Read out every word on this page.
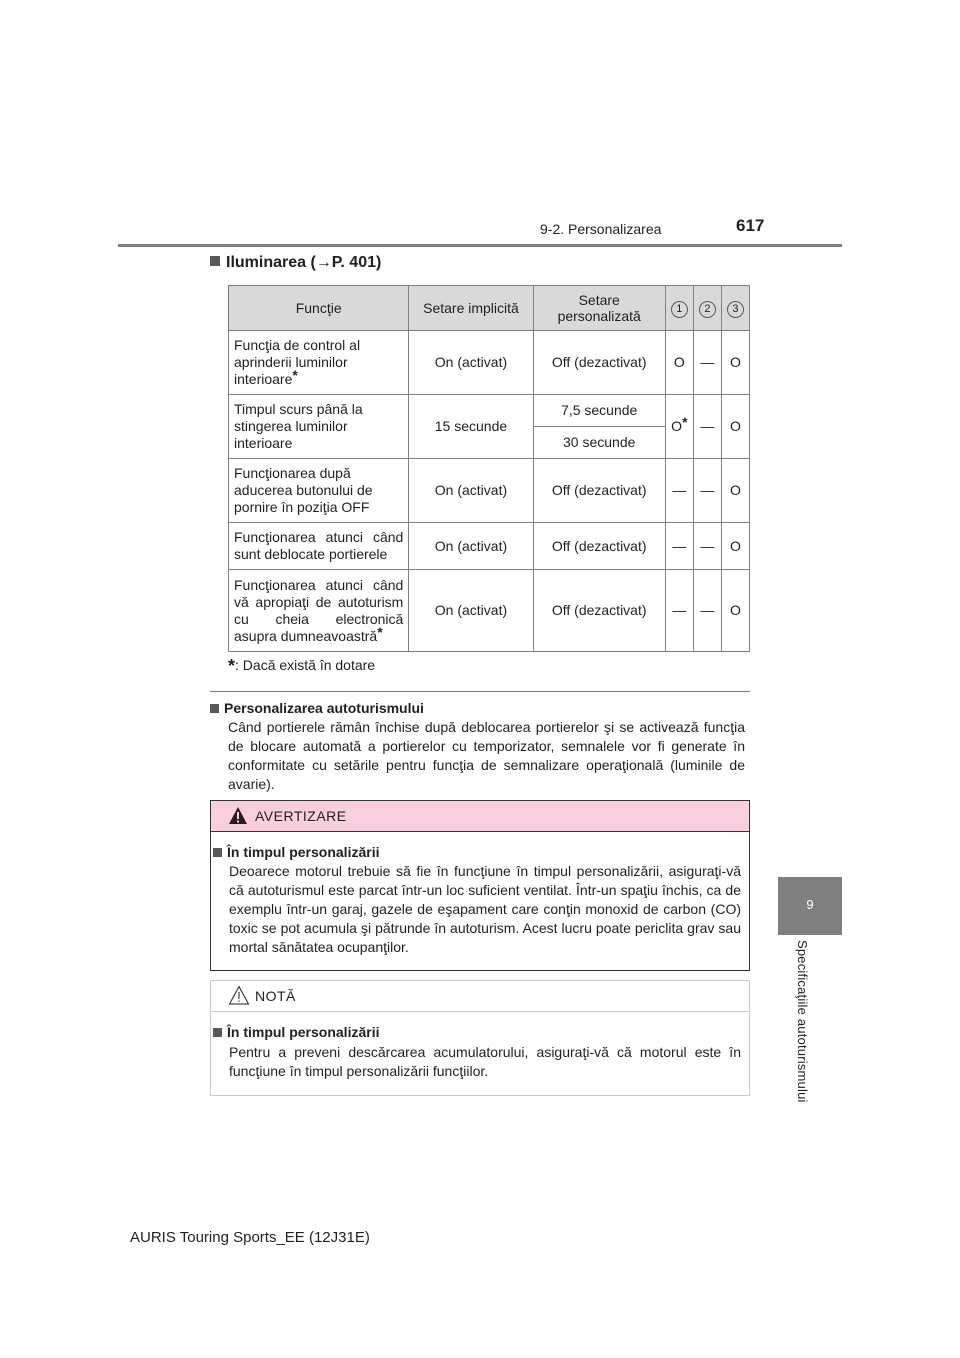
9-2. Personalizarea	617
9
Specificaţiile autoturismului
Iluminarea (→P. 401)
Funcţie	Setare implicită	Setare personalizată	1	2	3
Funcţia de control al aprinderii luminilor interioare*	On (activat)	Off (dezactivat)	O	—	O
Timpul scurs până la stingerea luminilor interioare	15 secunde	7,5 secunde	O*	—	O
		30 secunde			
Funcţionarea după aducerea butonului de pornire în poziţia OFF	On (activat)	Off (dezactivat)	—	—	O
Funcţionarea atunci când sunt deblocate portierele	On (activat)	Off (dezactivat)	—	—	O
Funcţionarea atunci când vă apropiaţi de autoturism cu cheia electronică asupra dumneavoastră*	On (activat)	Off (dezactivat)	—	—	O
*: Dacă există în dotare
Personalizarea autoturismului
Când portierele rămân închise după deblocarea portierelor şi se activează funcţia de blocare automată a portierelor cu temporizator, semnalele vor fi generate în conformitate cu setările pentru funcţia de semnalizare operaţională (luminile de avarie).
AVERTIZARE
În timpul personalizării
Deoarece motorul trebuie să fie în funcţiune în timpul personalizării, asiguraţi-vă că autoturismul este parcat într-un loc suficient ventilat. Într-un spaţiu închis, ca de exemplu într-un garaj, gazele de eşapament care conţin monoxid de carbon (CO) toxic se pot acumula şi pătrunde în autoturism. Acest lucru poate periclita grav sau mortal sănătatea ocupanţilor.
NOTĂ
În timpul personalizării
Pentru a preveni descărcarea acumulatorului, asiguraţi-vă că motorul este în funcţiune în timpul personalizării funcţiilor.
AURIS Touring Sports_EE (12J31E)
